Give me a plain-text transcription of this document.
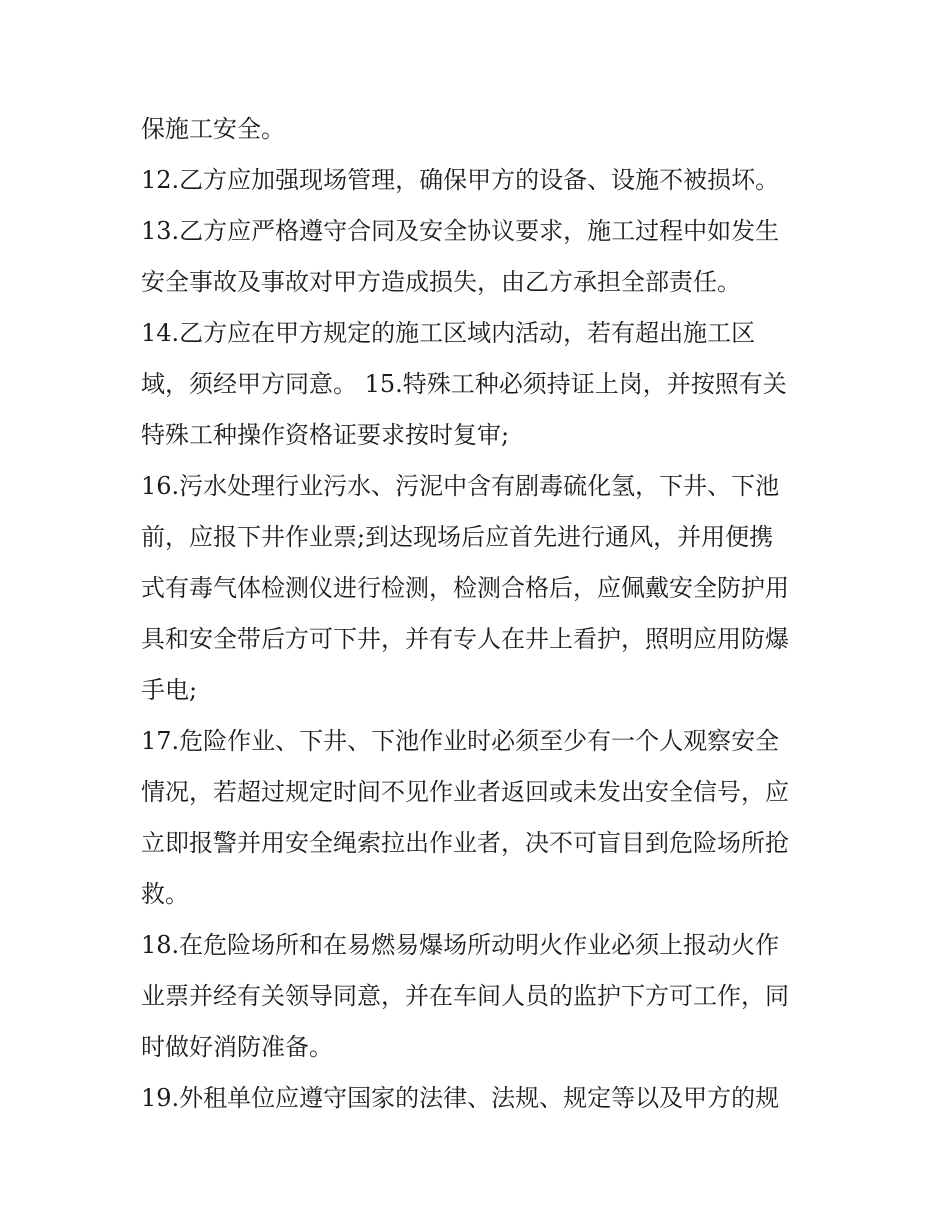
保施工安全。
12.乙方应加强现场管理，确保甲方的设备、设施不被损坏。
13.乙方应严格遵守合同及安全协议要求，施工过程中如发生
安全事故及事故对甲方造成损失，由乙方承担全部责任。
14.乙方应在甲方规定的施工区域内活动，若有超出施工区
域，须经甲方同意。 15.特殊工种必须持证上岗，并按照有关
特殊工种操作资格证要求按时复审;
16.污水处理行业污水、污泥中含有剧毒硫化氢，下井、下池
前，应报下井作业票;到达现场后应首先进行通风，并用便携
式有毒气体检测仪进行检测，检测合格后，应佩戴安全防护用
具和安全带后方可下井，并有专人在井上看护，照明应用防爆
手电;
17.危险作业、下井、下池作业时必须至少有一个人观察安全
情况，若超过规定时间不见作业者返回或未发出安全信号，应
立即报警并用安全绳索拉出作业者，决不可盲目到危险场所抢
救。
18.在危险场所和在易燃易爆场所动明火作业必须上报动火作
业票并经有关领导同意，并在车间人员的监护下方可工作，同
时做好消防准备。
19.外租单位应遵守国家的法律、法规、规定等以及甲方的规
